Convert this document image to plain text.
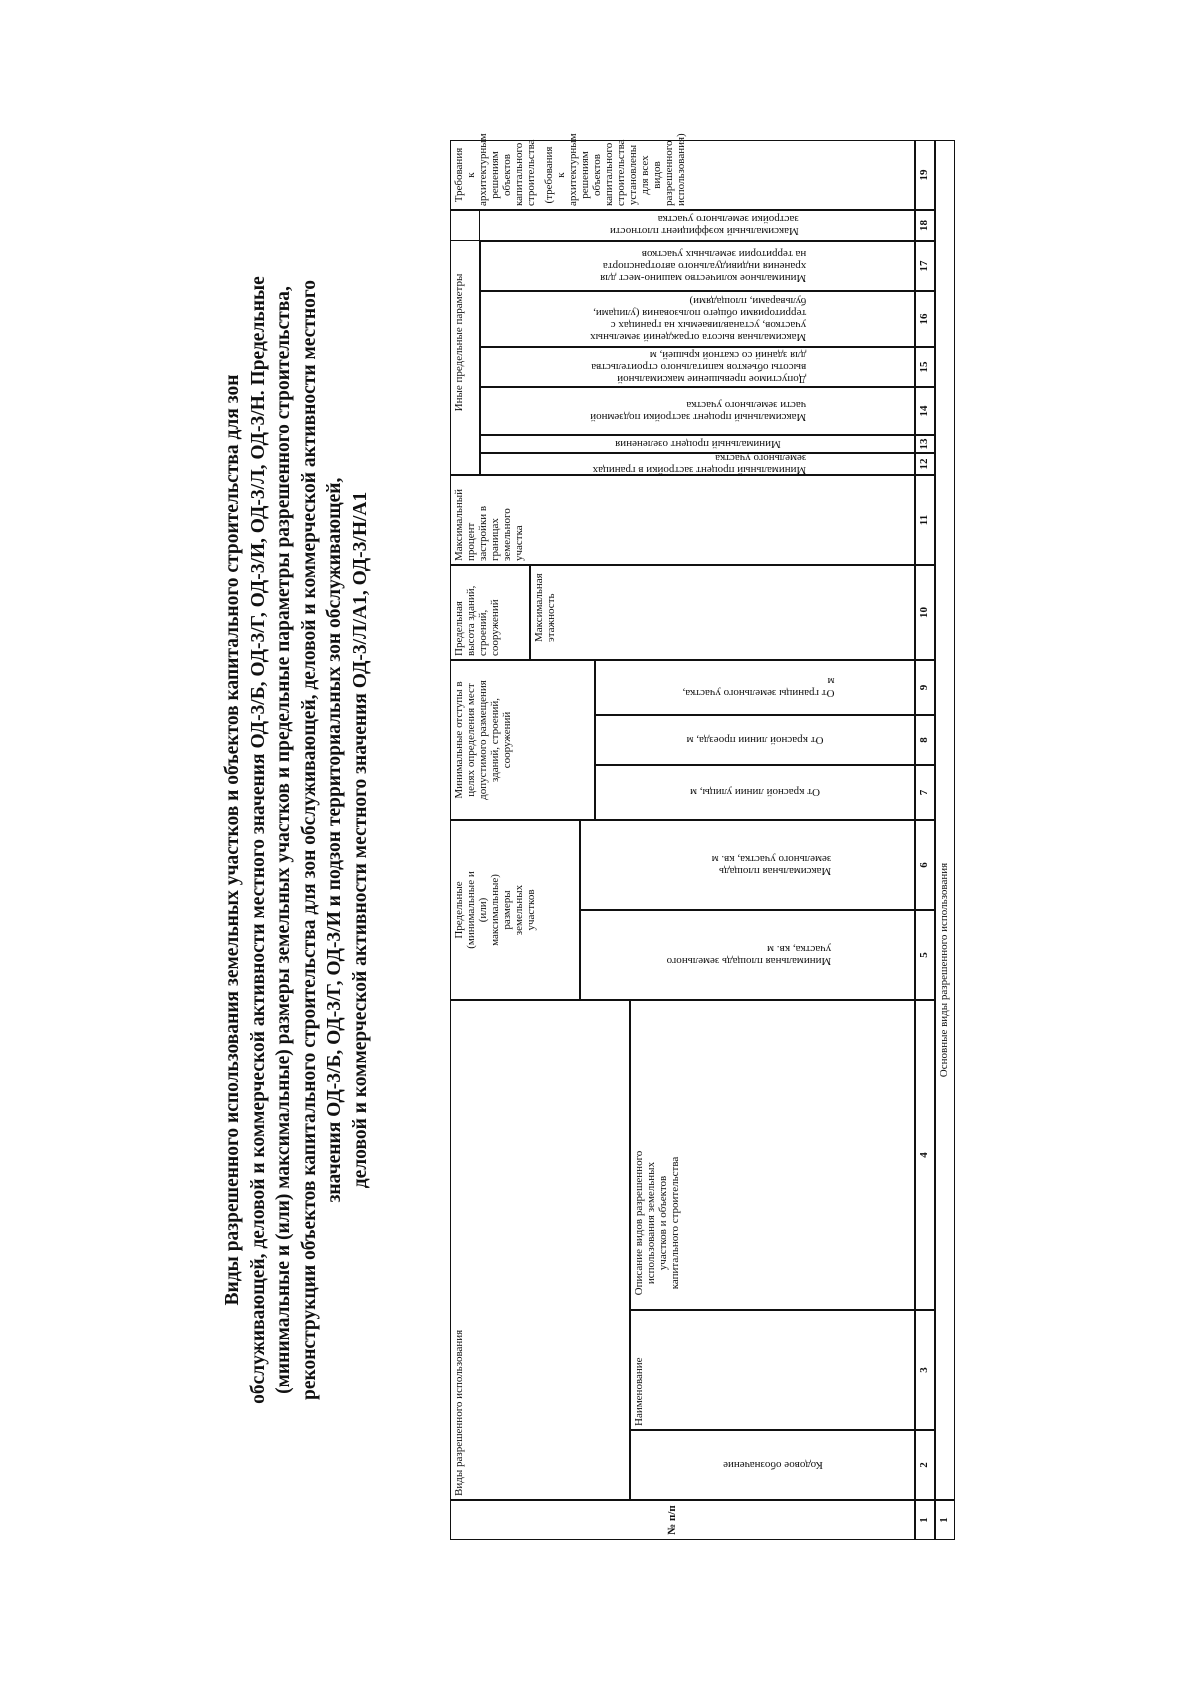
Виды разрешенного использования земельных участков и объектов капитального строительства для зон обслуживающей, деловой и коммерческой активности местного значения ОД-3/Б, ОД-3/Г, ОД-3/И, ОД-3/Л, ОД-3/Н. Предельные (минимальные и (или) максимальные) размеры земельных участков и предельные параметры разрешенного строительства, реконструкции объектов капитального строительства для зон обслуживающей, деловой и коммерческой активности местного значения ОД-3/Б, ОД-3/Г, ОД-3/И и подзон территориальных зон обслуживающей, деловой и коммерческой активности местного значения ОД-3/Л/А1, ОД-3/Н/А1

№ п/п
Виды разрешенного использования	Кодовое обозначение
Наименование
Описание видов разрешенного использования земельных участков и объектов капитального строительства
Предельные (минимальные и (или) максимальные) размеры земельных участков
Минимальная площадь земельного участка, кв. м
Максимальная площадь земельного участка, кв. м
Минимальные отступы в целях определения мест допустимого размещения зданий, строений, сооружений
От красной линии улицы, м
От красной линии проезда, м
От границы земельного участка, м
Предельная высота зданий, строений, сооружений	Максимальная этажность
Максимальный процент застройки в границах земельного участка
Иные предельные параметры
Минимальный процент застройки в границах земельного участка
Минимальный процент озеленения
Максимальный процент застройки подземной части земельного участка
Допустимое превышение максимальной высоты объектов капитального строительства для зданий со скатной крышей, м
Максимальная высота ограждений земельных участков, устанавливаемых на границах с территориями общего пользования (улицами, бульварами, площадями)
Минимальное количество машино-мест для хранения индивидуального автотранспорта на территории земельных участков
Максимальный коэффициент плотности застройки земельного участка
Требования к архитектурным решениям объектов капитального строительства (требования к архитектурным решениям объектов капитального строительства установлены для всех видов разрешенного использования)
1
2
3
4
5
6
7
8
9
10
11
12
13
14
15
16
17
18
19
1
Основные виды разрешенного использования
